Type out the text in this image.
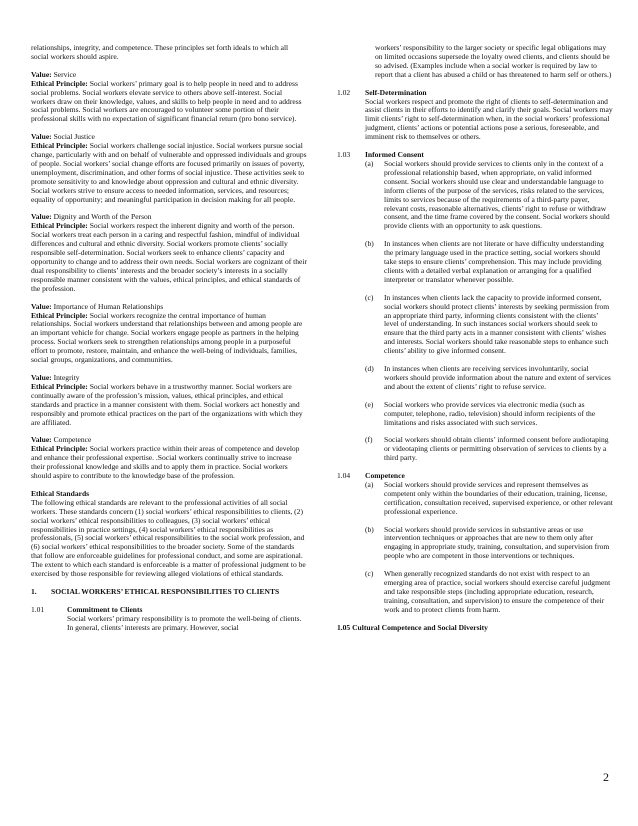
relationships, integrity, and competence. These principles set forth ideals to which all social workers should aspire.

Value: Service

Ethical Principle: Social workers’ primary goal is to help people in need and to address social problems. Social workers elevate service to others above self-interest. Social workers draw on their knowledge, values, and skills to help people in need and to address social problems. Social workers are encouraged to volunteer some portion of their professional skills with no expectation of significant financial return (pro bono service).

Value: Social Justice

Ethical Principle: Social workers challenge social injustice. Social workers pursue social change, particularly with and on behalf of vulnerable and oppressed individuals and groups of people. Social workers’ social change efforts are focused primarily on issues of poverty, unemployment, discrimination, and other forms of social injustice. These activities seek to promote sensitivity to and knowledge about oppression and cultural and ethnic diversity. Social workers strive to ensure access to needed information, services, and resources; equality of opportunity; and meaningful participation in decision making for all people.

Value: Dignity and Worth of the Person

Ethical Principle: Social workers respect the inherent dignity and worth of the person. Social workers treat each person in a caring and respectful fashion, mindful of individual differences and cultural and ethnic diversity. Social workers promote clients’ socially responsible self-determination. Social workers seek to enhance clients’ capacity and opportunity to change and to address their own needs. Social workers are cognizant of their dual responsibility to clients’ interests and the broader society’s interests in a socially responsible manner consistent with the values, ethical principles, and ethical standards of the profession.

Value: Importance of Human Relationships

Ethical Principle: Social workers recognize the central importance of human relationships. Social workers understand that relationships between and among people are an important vehicle for change. Social workers engage people as partners in the helping process. Social workers seek to strengthen relationships among people in a purposeful effort to promote, restore, maintain, and enhance the well-being of individuals, families, social groups, organizations, and communities.

Value: Integrity

Ethical Principle: Social workers behave in a trustworthy manner. Social workers are continually aware of the profession’s mission, values, ethical principles, and ethical standards and practice in a manner consistent with them. Social workers act honestly and responsibly and promote ethical practices on the part of the organizations with which they are affiliated.

Value: Competence

Ethical Principle: Social workers practice within their areas of competence and develop and enhance their professional expertise. .Social workers continually strive to increase their professional knowledge and skills and to apply them in practice. Social workers should aspire to contribute to the knowledge base of the profession.

Ethical Standards

The following ethical standards are relevant to the professional activities of all social workers. These standards concern (1) social workers’ ethical responsibilities to clients, (2) social workers’ ethical responsibilities to colleagues, (3) social workers’ ethical responsibilities in practice settings, (4) social workers’ ethical responsibilities as professionals, (5) social workers’ ethical responsibilities to the social work profession, and (6) social workers’ ethical responsibilities to the broader society. Some of the standards that follow are enforceable guidelines for professional conduct, and some are aspirational. The extent to which each standard is enforceable is a matter of professional judgment to be exercised by those responsible for reviewing alleged violations of ethical standards.

1.	SOCIAL WORKERS’ ETHICAL RESPONSIBILITIES TO CLIENTS
1.01	Commitment to Clients

Social workers’ primary responsibility is to promote the well-being of clients. In general, clients’ interests are primary. However, social

workers’ responsibility to the larger society or specific legal obligations may on limited occasions supersede the loyalty owed clients, and clients should be so advised. (Examples include when a social worker is required by law to report that a client has abused a child or has threatened to harm self or others.)

1.02	Self-Determination

Social workers respect and promote the right of clients to self-determination and assist clients in their efforts to identify and clarify their goals. Social workers may limit clients’ right to self-determination when, in the social workers’ professional judgment, clients’ actions or potential actions pose a serious, foreseeable, and imminent risk to themselves or others.

1.03	Informed Consent
(a)	Social workers should provide services to clients only in the context of a professional relationship based, when appropriate, on valid informed consent. Social workers should use clear and understandable language to inform clients of the purpose of the services, risks related to the services, limits to services because of the requirements of a third-party payer, relevant costs, reasonable alternatives, clients’ right to refuse or withdraw consent, and the time frame covered by the consent. Social workers should provide clients with an opportunity to ask questions.
(b)	In instances when clients are not literate or have difficulty understanding the primary language used in the practice setting, social workers should take steps to ensure clients’ comprehension. This may include providing clients with a detailed verbal explanation or arranging for a qualified interpreter or translator whenever possible.
(c)	In instances when clients lack the capacity to provide informed consent, social workers should protect clients’ interests by seeking permission from an appropriate third party, informing clients consistent with the clients’ level of understanding. In such instances social workers should seek to ensure that the third party acts in a manner consistent with clients’ wishes and interests. Social workers should take reasonable steps to enhance such clients’ ability to give informed consent.
(d)	In instances when clients are receiving services involuntarily, social workers should provide information about the nature and extent of services and about the extent of clients’ right to refuse service.
(e)	Social workers who provide services via electronic media (such as computer, telephone, radio, television) should inform recipients of the limitations and risks associated with such services.
(f)	Social workers should obtain clients’ informed consent before audiotaping or videotaping clients or permitting observation of services to clients by a third party.
1.04	Competence
(a)	Social workers should provide services and represent themselves as competent only within the boundaries of their education, training, license, certification, consultation received, supervised experience, or other relevant professional experience.
(b)	Social workers should provide services in substantive areas or use intervention techniques or approaches that are new to them only after engaging in appropriate study, training, consultation, and supervision from people who are competent in those interventions or techniques.
(c)	When generally recognized standards do not exist with respect to an emerging area of practice, social workers should exercise careful judgment and take responsible steps (including appropriate education, research, training, consultation, and supervision) to ensure the competence of their work and to protect clients from harm.
1.05
Cultural Competence and Social Diversity
2
